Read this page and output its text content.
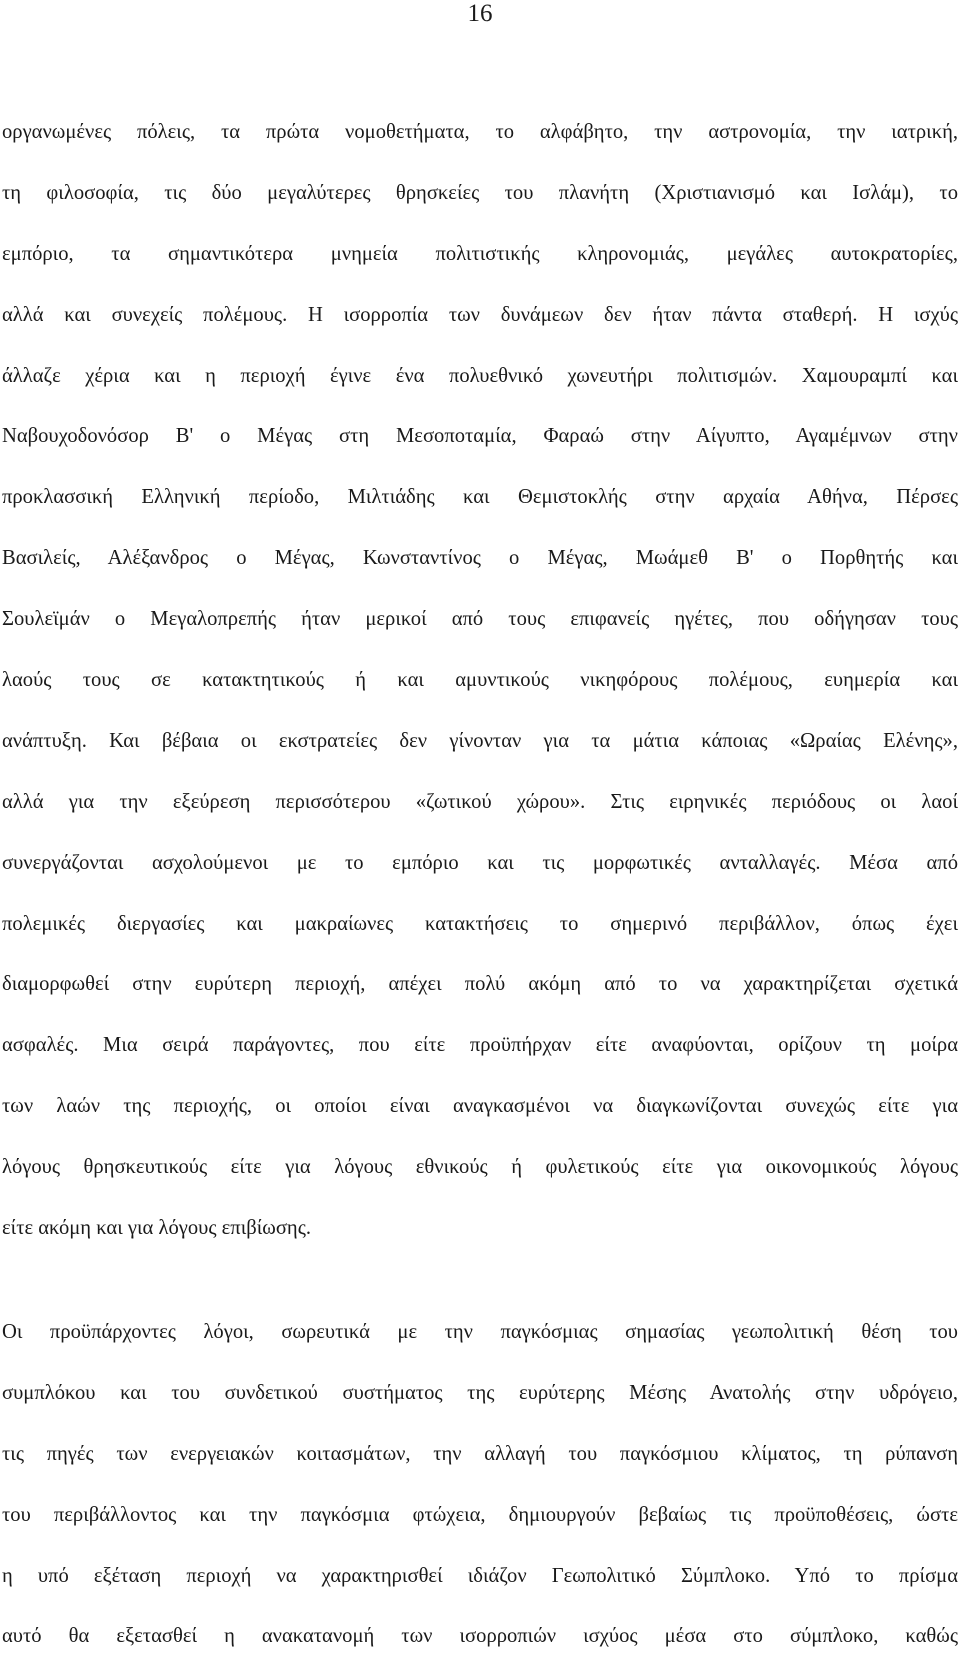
16
οργανωμένες πόλεις, τα πρώτα νομοθετήματα, το αλφάβητο, την αστρονομία, την ιατρική,
τη φιλοσοφία, τις δύο μεγαλύτερες θρησκείες του πλανήτη (Χριστιανισμό και Ισλάμ), το
εμπόριο, τα σημαντικότερα μνημεία πολιτιστικής κληρονομιάς, μεγάλες αυτοκρατορίες,
αλλά και συνεχείς πολέμους. Η ισορροπία των δυνάμεων δεν ήταν πάντα σταθερή. Η ισχύς
άλλαζε χέρια και η περιοχή έγινε ένα πολυεθνικό χωνευτήρι πολιτισμών. Χαμουραμπί και
Ναβουχοδονόσορ Β' ο Μέγας στη Μεσοποταμία, Φαραώ στην Αίγυπτο, Αγαμέμνων στην
προκλασσική Ελληνική περίοδο, Μιλτιάδης και Θεμιστοκλής στην αρχαία Αθήνα, Πέρσες
Βασιλείς, Αλέξανδρος ο Μέγας, Κωνσταντίνος ο Μέγας, Μωάμεθ Β' ο Πορθητής και
Σουλεϊμάν ο Μεγαλοπρεπής ήταν μερικοί από τους επιφανείς ηγέτες, που οδήγησαν τους
λαούς τους σε κατακτητικούς ή και αμυντικούς νικηφόρους πολέμους, ευημερία και
ανάπτυξη. Και βέβαια οι εκστρατείες δεν γίνονταν για τα μάτια κάποιας «Ωραίας Ελένης»,
αλλά για την εξεύρεση περισσότερου «ζωτικού χώρου». Στις ειρηνικές περιόδους οι λαοί
συνεργάζονται ασχολούμενοι με το εμπόριο και τις μορφωτικές ανταλλαγές. Μέσα από
πολεμικές διεργασίες και μακραίωνες κατακτήσεις το σημερινό περιβάλλον, όπως έχει
διαμορφωθεί στην ευρύτερη περιοχή, απέχει πολύ ακόμη από το να χαρακτηρίζεται σχετικά
ασφαλές. Μια σειρά παράγοντες, που είτε προϋπήρχαν είτε αναφύονται, ορίζουν τη μοίρα
των λαών της περιοχής, οι οποίοι είναι αναγκασμένοι να διαγκωνίζονται συνεχώς είτε για
λόγους θρησκευτικούς είτε για λόγους εθνικούς ή φυλετικούς είτε για οικονομικούς λόγους
είτε ακόμη και για λόγους επιβίωσης.
Οι προϋπάρχοντες λόγοι, σωρευτικά με την παγκόσμιας σημασίας γεωπολιτική θέση του
συμπλόκου και του συνδετικού συστήματος της ευρύτερης Μέσης Ανατολής στην υδρόγειο,
τις πηγές των ενεργειακών κοιτασμάτων, την αλλαγή του παγκόσμιου κλίματος, τη ρύπανση
του περιβάλλοντος και την παγκόσμια φτώχεια, δημιουργούν βεβαίως τις προϋποθέσεις, ώστε
η υπό εξέταση περιοχή να χαρακτηρισθεί ιδιάζον Γεωπολιτικό Σύμπλοκο. Υπό το πρίσμα
αυτό θα εξετασθεί η ανακατανομή των ισορροπιών ισχύος μέσα στο σύμπλοκο, καθώς
